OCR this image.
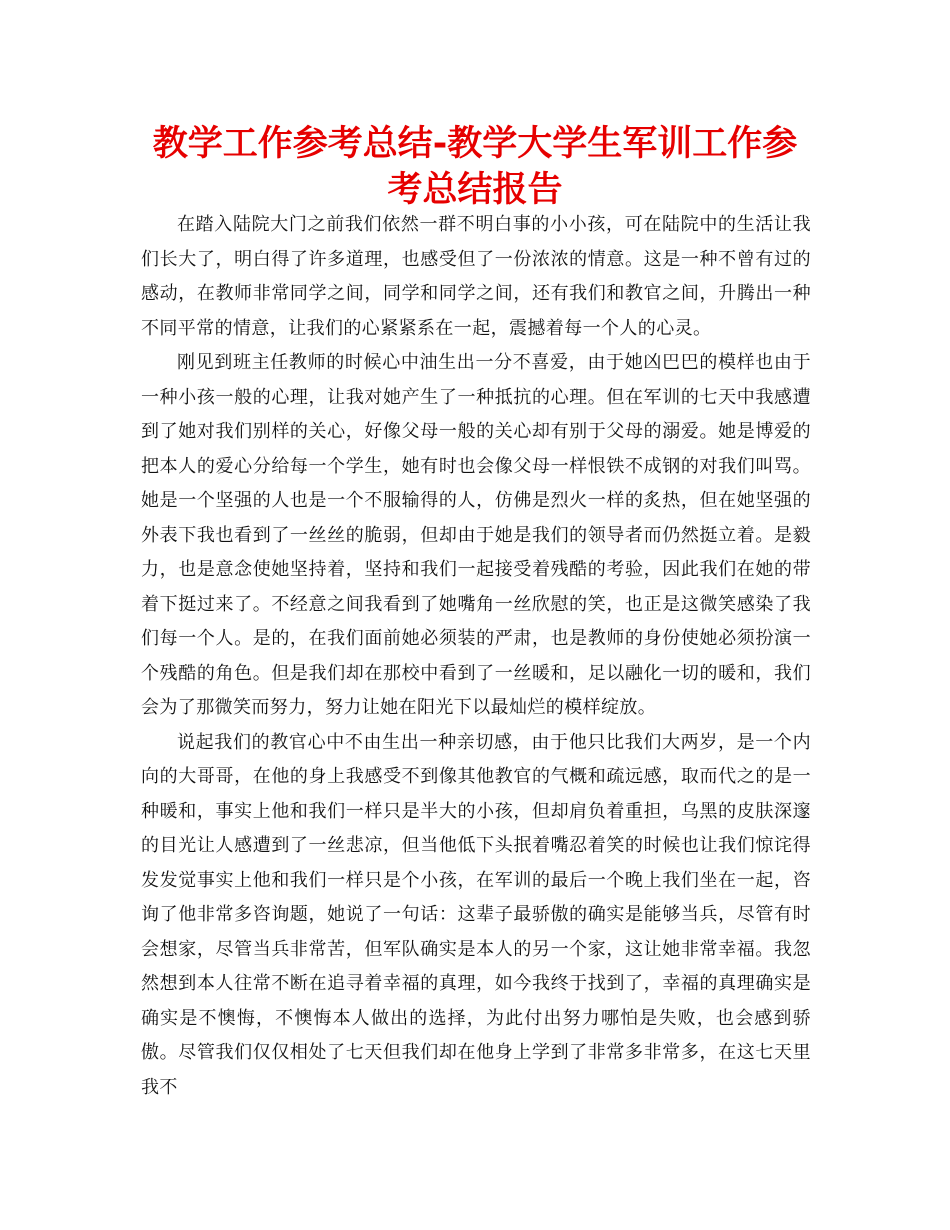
教学工作参考总结-教学大学生军训工作参考总结报告

在踏入陆院大门之前我们依然一群不明白事的小小孩，可在陆院中的生活让我们长大了，明白得了许多道理，也感受但了一份浓浓的情意。这是一种不曾有过的感动，在教师非常同学之间，同学和同学之间，还有我们和教官之间，升腾出一种不同平常的情意，让我们的心紧紧系在一起，震撼着每一个人的心灵。

刚见到班主任教师的时候心中油生出一分不喜爱，由于她凶巴巴的模样也由于一种小孩一般的心理，让我对她产生了一种抵抗的心理。但在军训的七天中我感遭到了她对我们别样的关心，好像父母一般的关心却有别于父母的溺爱。她是博爱的把本人的爱心分给每一个学生，她有时也会像父母一样恨铁不成钢的对我们叫骂。她是一个坚强的人也是一个不服输得的人，仿佛是烈火一样的炙热，但在她坚强的外表下我也看到了一丝丝的脆弱，但却由于她是我们的领导者而仍然挺立着。是毅力，也是意念使她坚持着，坚持和我们一起接受着残酷的考验，因此我们在她的带着下挺过来了。不经意之间我看到了她嘴角一丝欣慰的笑，也正是这微笑感染了我们每一个人。是的，在我们面前她必须装的严肃，也是教师的身份使她必须扮演一个残酷的角色。但是我们却在那校中看到了一丝暖和，足以融化一切的暖和，我们会为了那微笑而努力，努力让她在阳光下以最灿烂的模样绽放。

说起我们的教官心中不由生出一种亲切感，由于他只比我们大两岁，是一个内向的大哥哥，在他的身上我感受不到像其他教官的气概和疏远感，取而代之的是一种暖和，事实上他和我们一样只是半大的小孩，但却肩负着重担，乌黑的皮肤深邃的目光让人感遭到了一丝悲凉，但当他低下头抿着嘴忍着笑的时候也让我们惊诧得发发觉事实上他和我们一样只是个小孩，在军训的最后一个晚上我们坐在一起，咨询了他非常多咨询题，她说了一句话：这辈子最骄傲的确实是能够当兵，尽管有时会想家，尽管当兵非常苦，但军队确实是本人的另一个家，这让她非常幸福。我忽然想到本人往常不断在追寻着幸福的真理，如今我终于找到了，幸福的真理确实是确实是不懊悔，不懊悔本人做出的选择，为此付出努力哪怕是失败，也会感到骄傲。尽管我们仅仅相处了七天但我们却在他身上学到了非常多非常多，在这七天里我不
